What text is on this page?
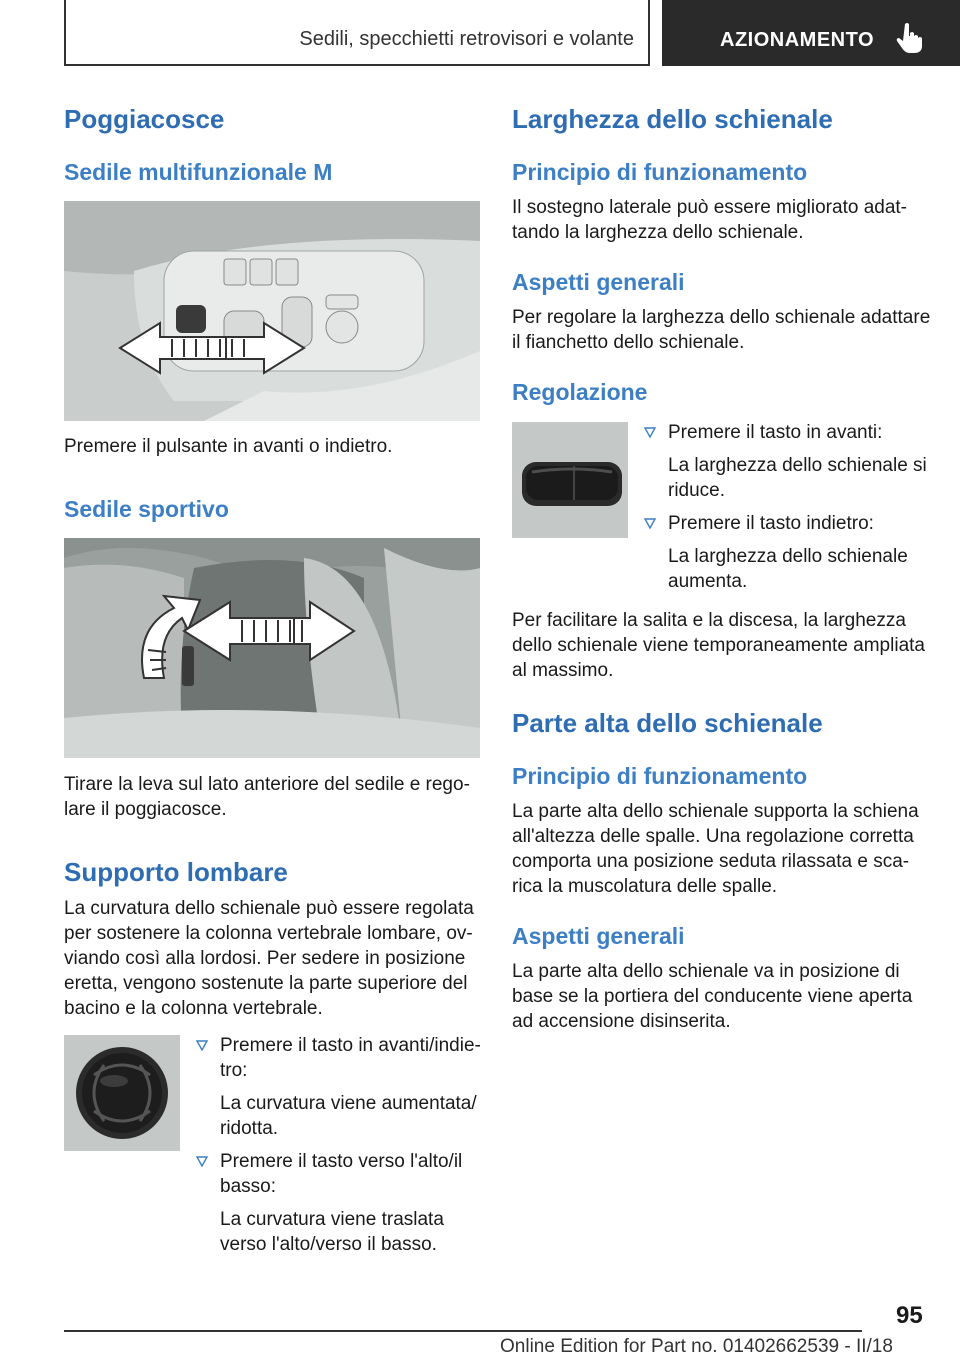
Sedili, specchietti retrovisori e volante	AZIONAMENTO
Poggiacosce
Sedile multifunzionale M

Premere il pulsante in avanti o indietro.

Sedile sportivo

Tirare la leva sul lato anteriore del sedile e rego-

lare il poggiacosce.

Supporto lombare

La curvatura dello schienale può essere regolata

per sostenere la colonna vertebrale lombare, ov-

viando così alla lordosi. Per sedere in posizione

eretta, vengono sostenute la parte superiore del

bacino e la colonna vertebrale.

Premere il tasto in avanti/indie-
tro:
La curvatura viene aumentata/
ridotta.
Premere il tasto verso l'alto/il
basso:
La curvatura viene traslata
verso l'alto/verso il basso.
Larghezza dello schienale
Principio di funzionamento

Il sostegno laterale può essere migliorato adat-

tando la larghezza dello schienale.

Aspetti generali

Per regolare la larghezza dello schienale adattare

il fianchetto dello schienale.

Regolazione
Premere il tasto in avanti:
La larghezza dello schienale si
riduce.
Premere il tasto indietro:
La larghezza dello schienale
aumenta.

Per facilitare la salita e la discesa, la larghezza

dello schienale viene temporaneamente ampliata

al massimo.

Parte alta dello schienale
Principio di funzionamento

La parte alta dello schienale supporta la schiena

all'altezza delle spalle. Una regolazione corretta

comporta una posizione seduta rilassata e sca-

rica la muscolatura delle spalle.

Aspetti generali

La parte alta dello schienale va in posizione di

base se la portiera del conducente viene aperta

ad accensione disinserita.

95
Online Edition for Part no. 01402662539 - II/18
